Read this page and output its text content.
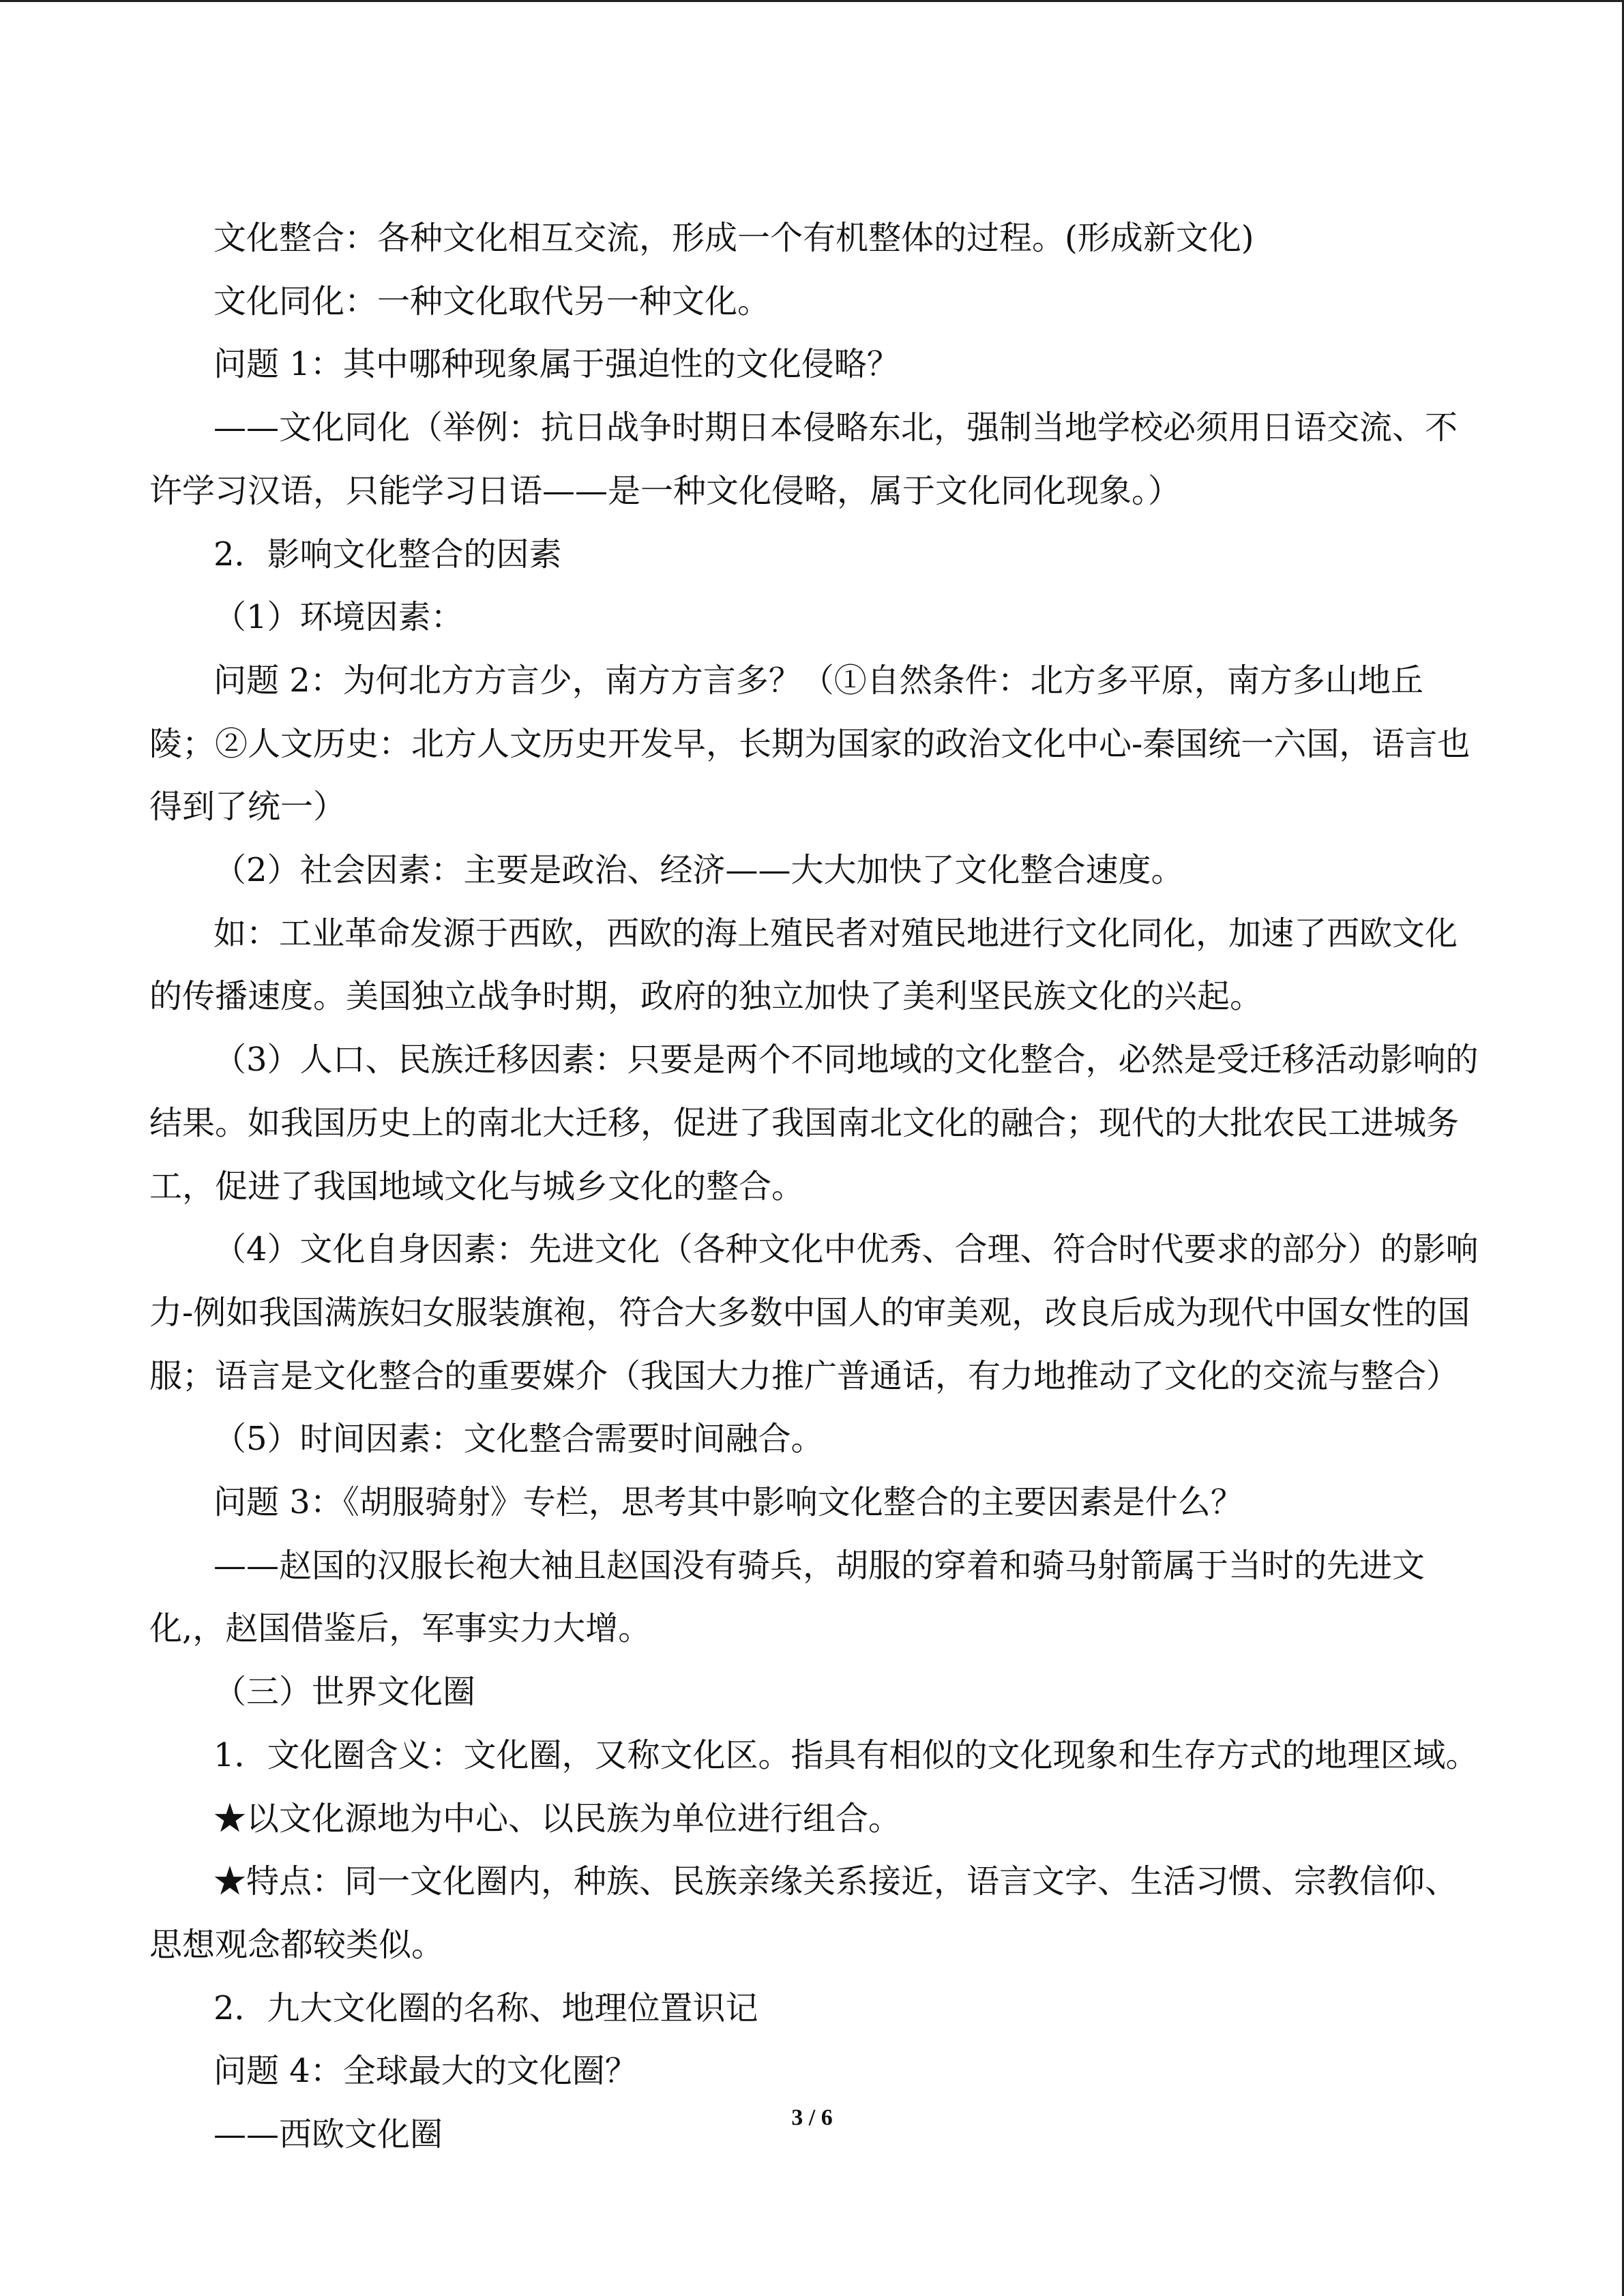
文化整合：各种文化相互交流，形成一个有机整体的过程。(形成新文化)

文化同化：一种文化取代另一种文化。

问题 1：其中哪种现象属于强迫性的文化侵略？

——文化同化（举例：抗日战争时期日本侵略东北，强制当地学校必须用日语交流、不

许学习汉语，只能学习日语——是一种文化侵略，属于文化同化现象。）

2．影响文化整合的因素

（1）环境因素：

问题 2：为何北方方言少，南方方言多？（①自然条件：北方多平原，南方多山地丘

陵；②人文历史：北方人文历史开发早，长期为国家的政治文化中心-秦国统一六国，语言也

得到了统一）

（2）社会因素：主要是政治、经济——大大加快了文化整合速度。

如：工业革命发源于西欧，西欧的海上殖民者对殖民地进行文化同化，加速了西欧文化

的传播速度。美国独立战争时期，政府的独立加快了美利坚民族文化的兴起。

（3）人口、民族迁移因素：只要是两个不同地域的文化整合，必然是受迁移活动影响的

结果。如我国历史上的南北大迁移，促进了我国南北文化的融合；现代的大批农民工进城务

工，促进了我国地域文化与城乡文化的整合。

（4）文化自身因素：先进文化（各种文化中优秀、合理、符合时代要求的部分）的影响

力-例如我国满族妇女服装旗袍，符合大多数中国人的审美观，改良后成为现代中国女性的国

服；语言是文化整合的重要媒介（我国大力推广普通话，有力地推动了文化的交流与整合）

（5）时间因素：文化整合需要时间融合。

问题 3：《胡服骑射》专栏，思考其中影响文化整合的主要因素是什么？

——赵国的汉服长袍大袖且赵国没有骑兵，胡服的穿着和骑马射箭属于当时的先进文

化,，赵国借鉴后，军事实力大增。

（三）世界文化圈

1．文化圈含义：文化圈，又称文化区。指具有相似的文化现象和生存方式的地理区域。

★以文化源地为中心、以民族为单位进行组合。

★特点：同一文化圈内，种族、民族亲缘关系接近，语言文字、生活习惯、宗教信仰、

思想观念都较类似。

2．九大文化圈的名称、地理位置识记

问题 4：全球最大的文化圈？

——西欧文化圈	3 / 6
